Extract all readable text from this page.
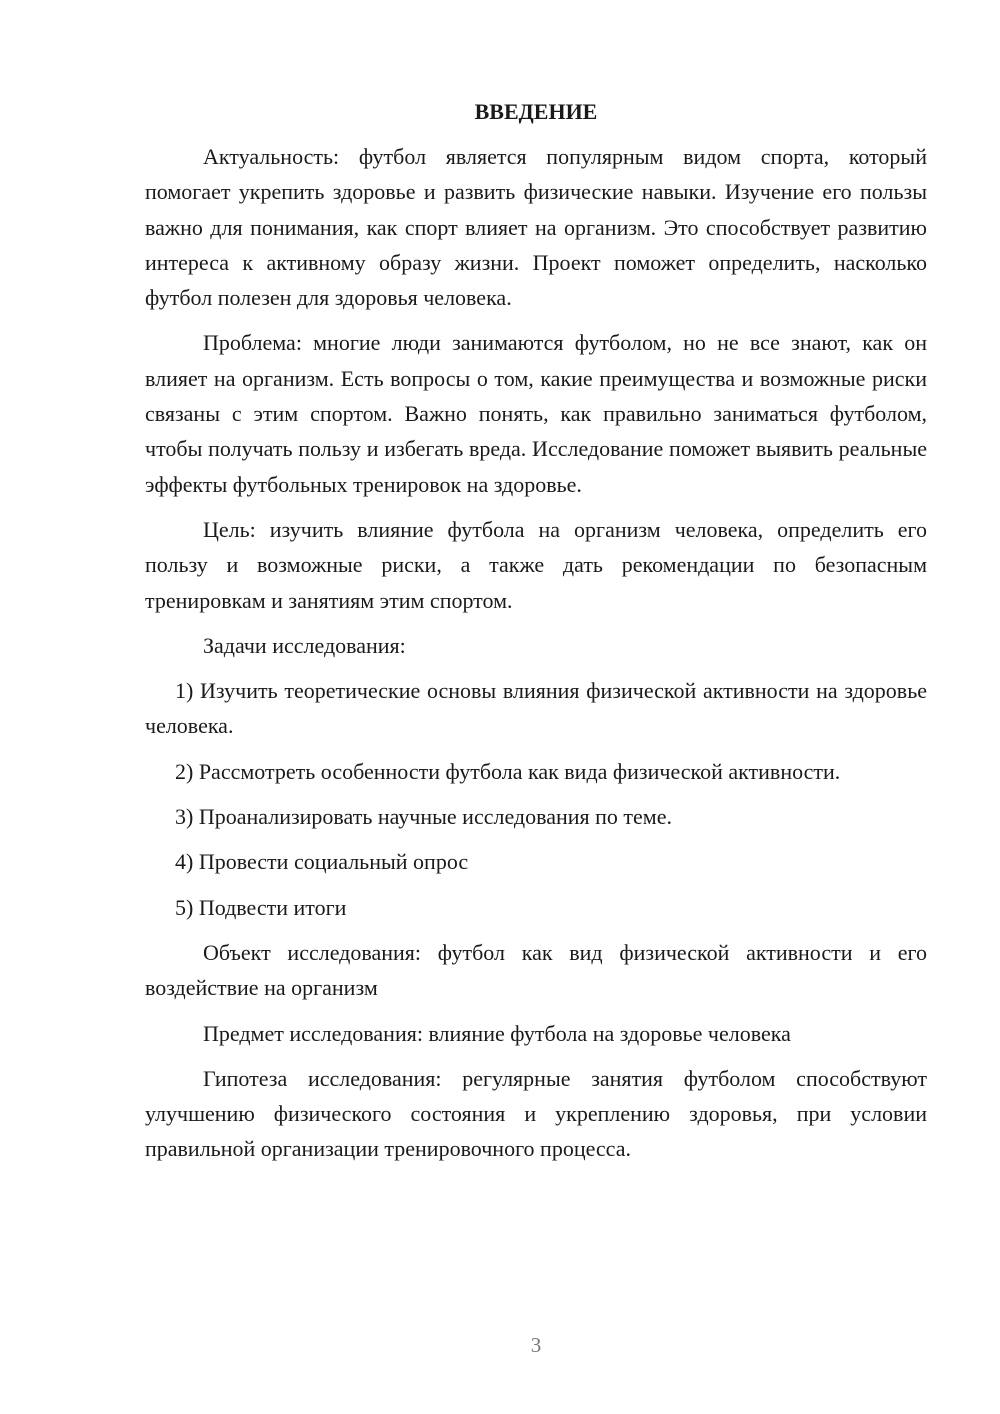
ВВЕДЕНИЕ

Актуальность: футбол является популярным видом спорта, который помогает укрепить здоровье и развить физические навыки. Изучение его пользы важно для понимания, как спорт влияет на организм. Это способствует развитию интереса к активному образу жизни. Проект поможет определить, насколько футбол полезен для здоровья человека.

Проблема: многие люди занимаются футболом, но не все знают, как он влияет на организм. Есть вопросы о том, какие преимущества и возможные риски связаны с этим спортом. Важно понять, как правильно заниматься футболом, чтобы получать пользу и избегать вреда. Исследование поможет выявить реальные эффекты футбольных тренировок на здоровье.

Цель: изучить влияние футбола на организм человека, определить его пользу и возможные риски, а также дать рекомендации по безопасным тренировкам и занятиям этим спортом.

Задачи исследования:

1) Изучить теоретические основы влияния физической активности на здоровье человека.

2) Рассмотреть особенности футбола как вида физической активности.

3) Проанализировать научные исследования по теме.

4) Провести социальный опрос

5) Подвести итоги

Объект исследования: футбол как вид физической активности и его воздействие на организм

Предмет исследования: влияние футбола на здоровье человека

Гипотеза исследования: регулярные занятия футболом способствуют улучшению физического состояния и укреплению здоровья, при условии правильной организации тренировочного процесса.

3
